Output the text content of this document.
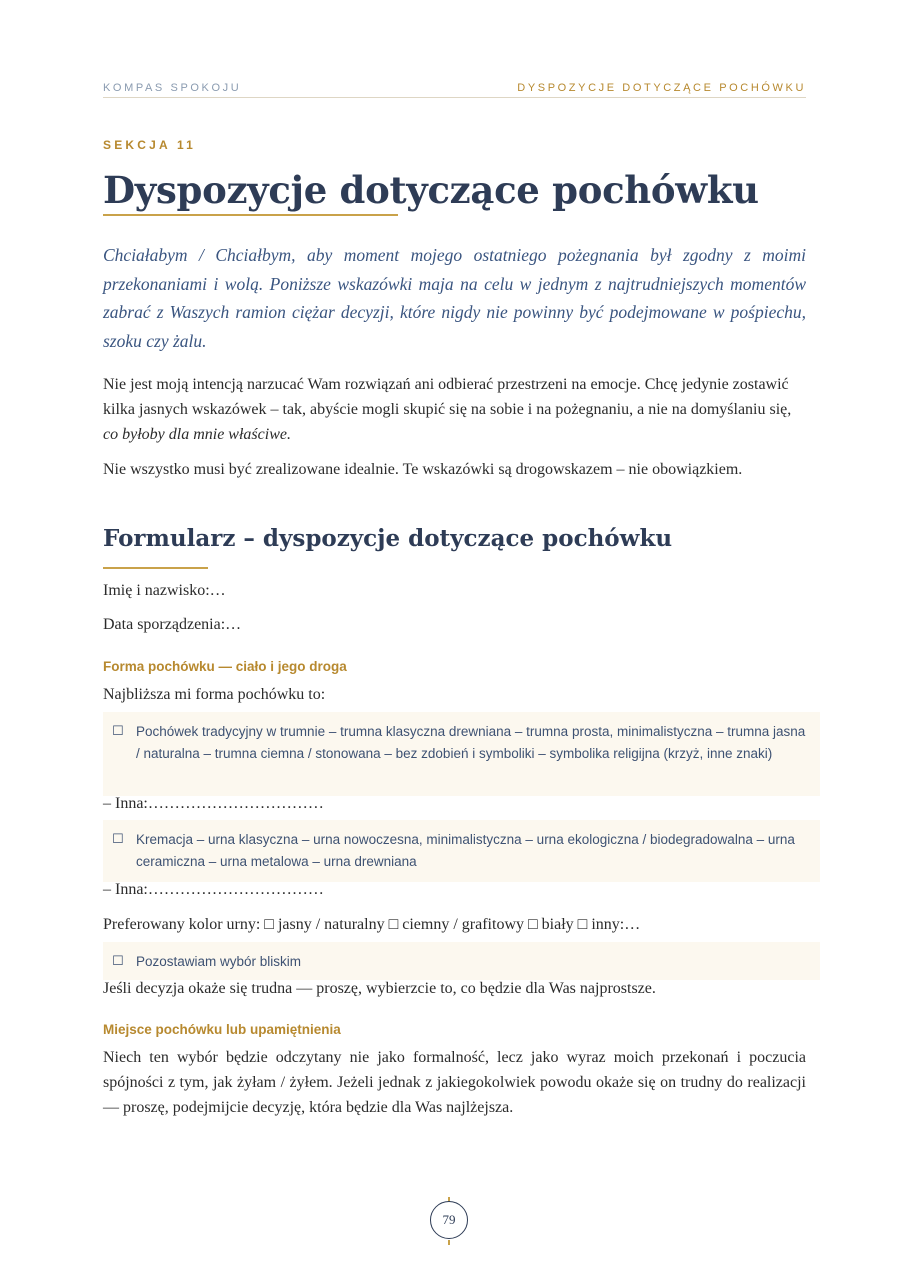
KOMPAS SPOKOJU	DYSPOZYCJE DOTYCZĄCE POCHÓWKU
SEKCJA 11
Dyspozycje dotyczące pochówku

Chciałabym / Chciałbym, aby moment mojego ostatniego pożegnania był zgodny z moimi przekonaniami i wolą. Poniższe wskazówki maja na celu w jednym z najtrudniejszych momentów zabrać z Waszych ramion ciężar decyzji, które nigdy nie powinny być podejmowane w pośpiechu, szoku czy żalu.

Nie jest moją intencją narzucać Wam rozwiązań ani odbierać przestrzeni na emocje. Chcę jedynie zostawić kilka jasnych wskazówek – tak, abyście mogli skupić się na sobie i na pożegnaniu, a nie na domyślaniu się, co byłoby dla mnie właściwe.

Nie wszystko musi być zrealizowane idealnie. Te wskazówki są drogowskazem – nie obowiązkiem.

Formularz – dyspozycje dotyczące pochówku
Imię i nazwisko:…
Data sporządzenia:…
Forma pochówku — ciało i jego droga
Najbliższa mi forma pochówku to:
☐ Pochówek tradycyjny w trumnie – trumna klasyczna drewniana – trumna prosta, minimalistyczna – trumna jasna / naturalna – trumna ciemna / stonowana – bez zdobień i symboliki – symbolika religijna (krzyż, inne znaki)
– Inna:……………………………
☐ Kremacja – urna klasyczna – urna nowoczesna, minimalistyczna – urna ekologiczna / biodegradowalna – urna ceramiczna – urna metalowa – urna drewniana
– Inna:……………………………
Preferowany kolor urny: □ jasny / naturalny □ ciemny / grafitowy □ biały □ inny:…
☐ Pozostawiam wybór bliskim
Jeśli decyzja okaże się trudna — proszę, wybierzcie to, co będzie dla Was najprostsze.
Miejsce pochówku lub upamiętnienia

Niech ten wybór będzie odczytany nie jako formalność, lecz jako wyraz moich przekonań i poczucia spójności z tym, jak żyłam / żyłem. Jeżeli jednak z jakiegokolwiek powodu okaże się on trudny do realizacji — proszę, podejmijcie decyzję, która będzie dla Was najlżejsza.

79
